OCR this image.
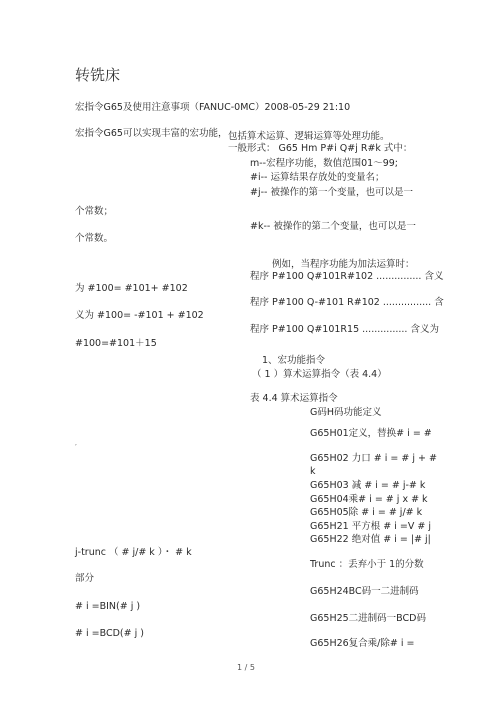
转铣床
宏指令G65及使用注意事项（FANUC-0MC）2008-05-29 21:10
宏指令G65可以实现丰富的宏功能， 包括算术运算、逻辑运算等处理功能。
一般形式： G65 Hm P#i Q#j R#k 式中：
m--宏程序功能，数值范围01～99;
#i-- 运算结果存放处的变量名；
#j-- 被操作的第一个变量，也可以是一
个常数；
#k-- 被操作的第二个变量，也可以是一
个常数。
例如，当程序功能为加法运算时：
程序 P#100 Q#101R#102 ............... 含义
为 #100= #101+ #102
程序 P#100 Q-#101 R#102 ................ 含
义为 #100= -#101 + #102
程序 P#100 Q#101R15 ............... 含义为
#100=#101＋15
1、宏功能指令
（ 1 ）算术运算指令（表 4.4）
表 4.4 算术运算指令
G码H码功能定义
G65H01定义，替换# i = #
,
G65H02 力口 # i = # j + #
k
G65H03 减 # i = # j-# k
G65H04乘# i = # j x # k
G65H05除 # i = # j/# k
G65H21 平方根 # i =V # j
G65H22 绝对值 # i = |# j|
j-trunc （ # j/# k ）・ # k
Trunc ：丢弃小于 1的分数
部分
G65H24BC码一二进制码
# i =BIN(# j )
G65H25二进制码一BCD码
# i =BCD(# j )
G65H26复合乘/除# i =
1 / 5
